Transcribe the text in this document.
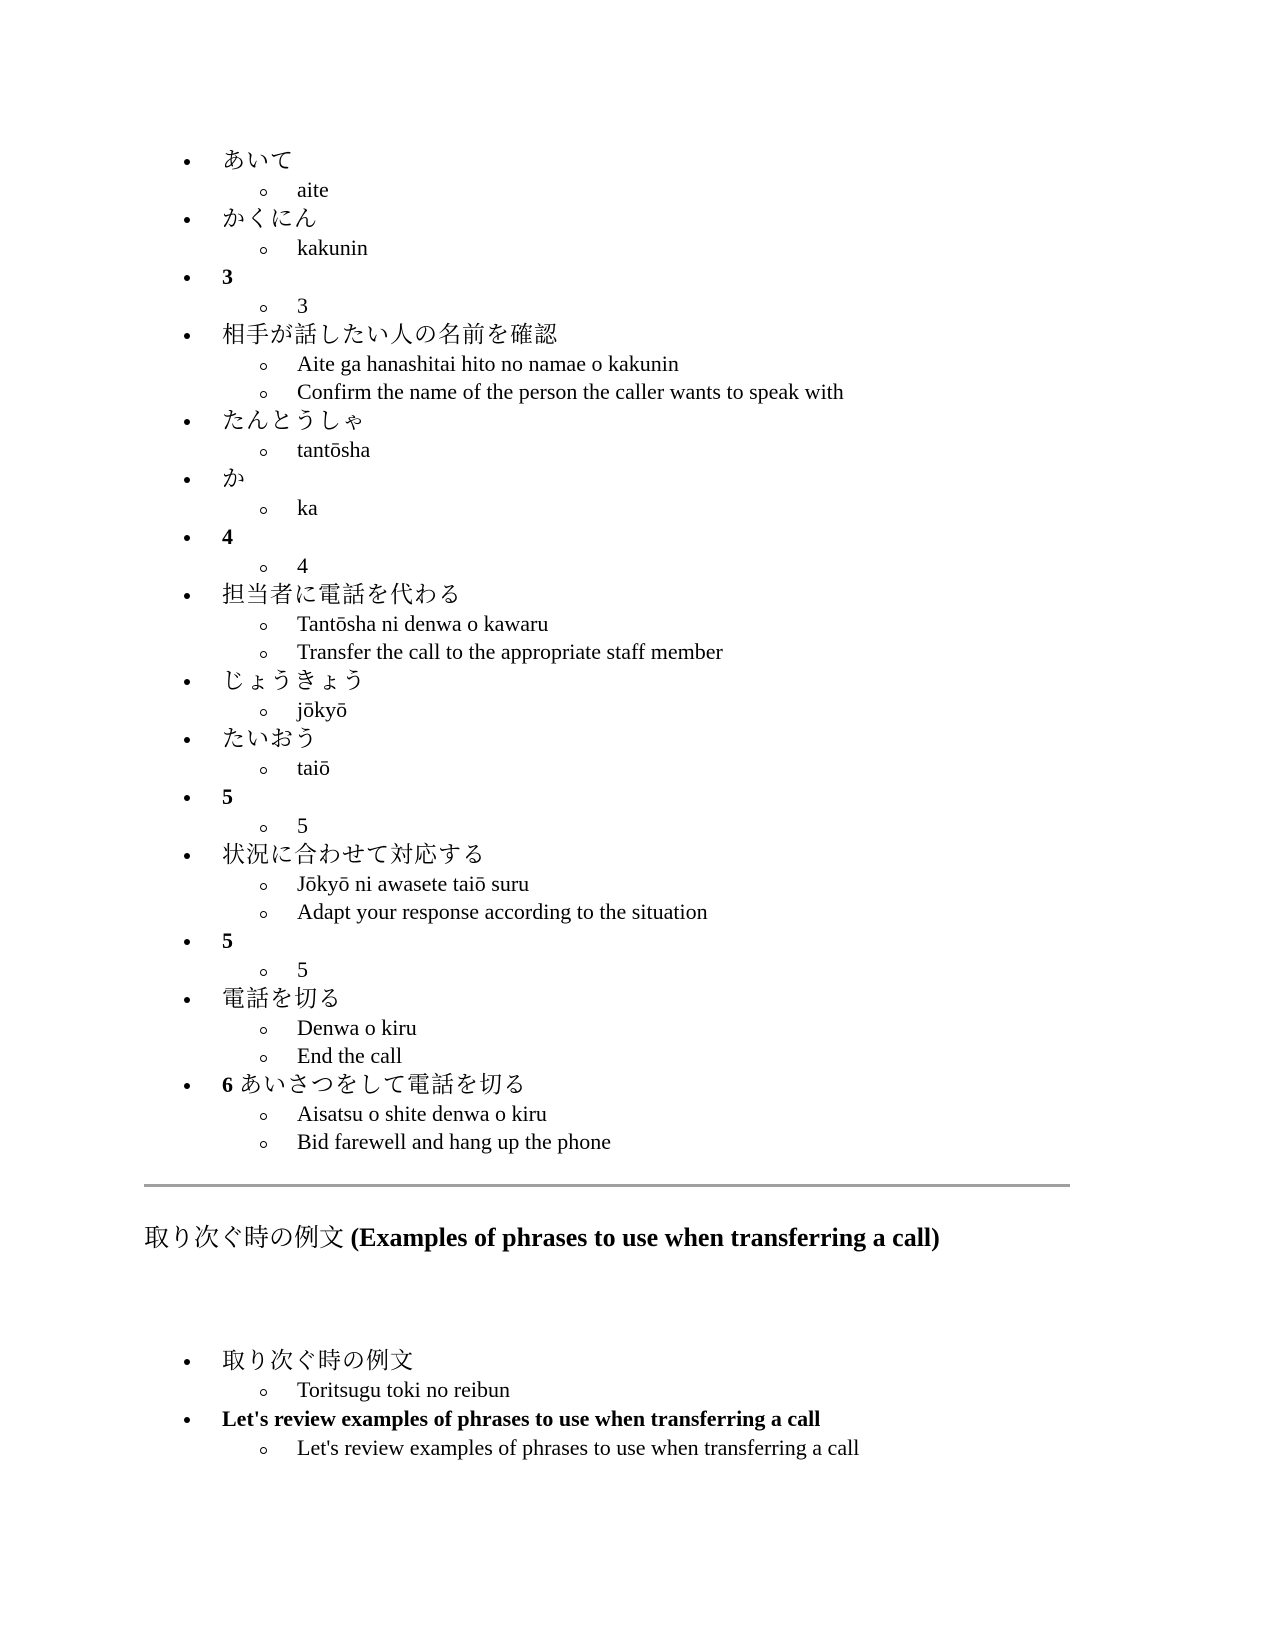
あいて
aite
かくにん
kakunin
3
3
相手が話したい人の名前を確認
Aite ga hanashitai hito no namae o kakunin
Confirm the name of the person the caller wants to speak with
たんとうしゃ
tantōsha
か
ka
4
4
担当者に電話を代わる
Tantōsha ni denwa o kawaru
Transfer the call to the appropriate staff member
じょうきょう
jōkyō
たいおう
taiō
5
5
状況に合わせて対応する
Jōkyō ni awasete taiō suru
Adapt your response according to the situation
5
5
電話を切る
Denwa o kiru
End the call
6 あいさつをして電話を切る
Aisatsu o shite denwa o kiru
Bid farewell and hang up the phone
取り次ぐ時の例文 (Examples of phrases to use when transferring a call)
取り次ぐ時の例文
Toritsugu toki no reibun
Let's review examples of phrases to use when transferring a call
Let's review examples of phrases to use when transferring a call
